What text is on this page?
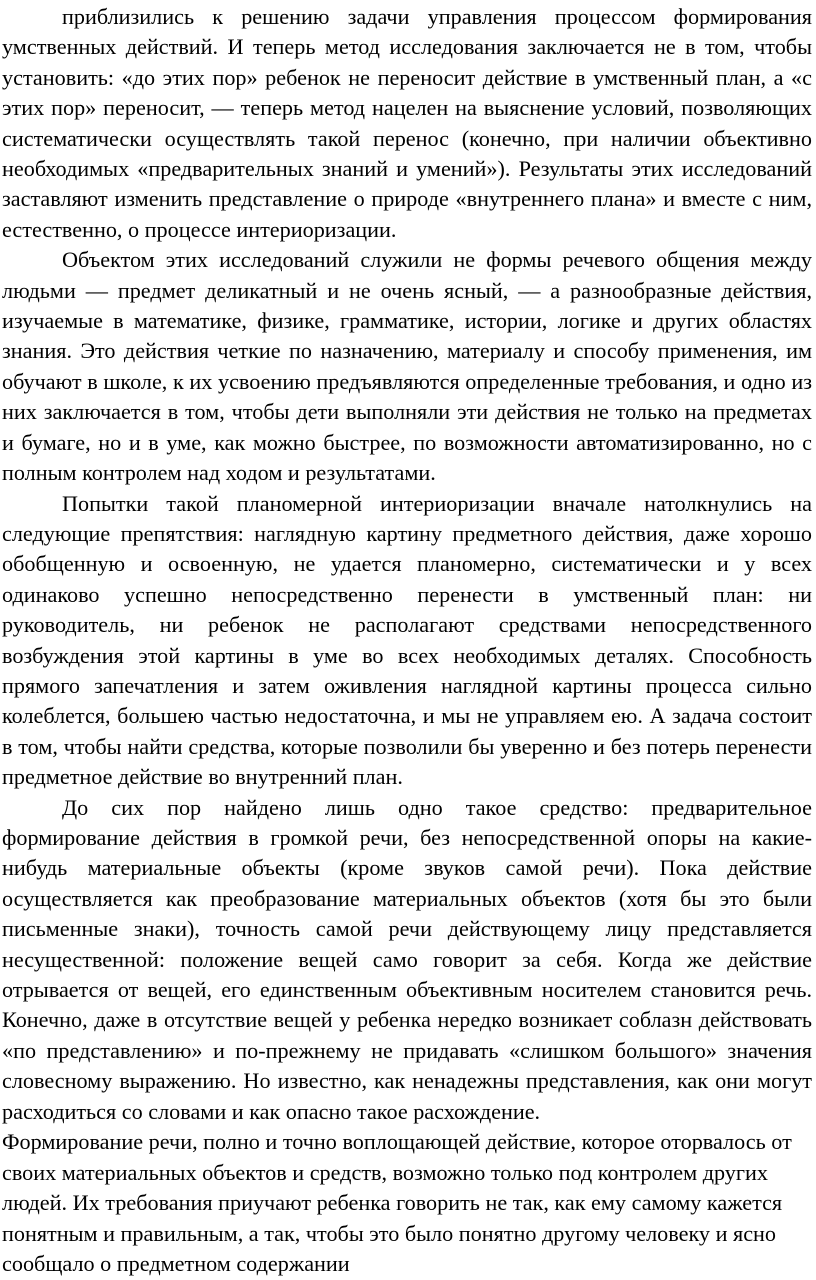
приблизились к решению задачи управления процессом формирования умственных действий. И теперь метод исследования заключается не в том, чтобы установить: «до этих пор» ребенок не переносит действие в умственный план, а «с этих пор» переносит, — теперь метод нацелен на выяснение условий, позволяющих систематически осуществлять такой перенос (конечно, при наличии объективно необходимых «предварительных знаний и умений»). Результаты этих исследований заставляют изменить представление о природе «внутреннего плана» и вместе с ним, естественно, о процессе интериоризации.

Объектом этих исследований служили не формы речевого общения между людьми — предмет деликатный и не очень ясный, — а разнообразные действия, изучаемые в математике, физике, грамматике, истории, логике и других областях знания. Это действия четкие по назначению, материалу и способу применения, им обучают в школе, к их усвоению предъявляются определенные требования, и одно из них заключается в том, чтобы дети выполняли эти действия не только на предметах и бумаге, но и в уме, как можно быстрее, по возможности автоматизированно, но с полным контролем над ходом и результатами.

Попытки такой планомерной интериоризации вначале натолкнулись на следующие препятствия: наглядную картину предметного действия, даже хорошо обобщенную и освоенную, не удается планомерно, систематически и у всех одинаково успешно непосредственно перенести в умственный план: ни руководитель, ни ребенок не располагают средствами непосредственного возбуждения этой картины в уме во всех необходимых деталях. Способность прямого запечатления и затем оживления наглядной картины процесса сильно колеблется, большею частью недостаточна, и мы не управляем ею. А задача состоит в том, чтобы найти средства, которые позволили бы уверенно и без потерь перенести предметное действие во внутренний план.

До сих пор найдено лишь одно такое средство: предварительное формирование действия в громкой речи, без непосредственной опоры на какие-нибудь материальные объекты (кроме звуков самой речи). Пока действие осуществляется как преобразование материальных объектов (хотя бы это были письменные знаки), точность самой речи действующему лицу представляется несущественной: положение вещей само говорит за себя. Когда же действие отрывается от вещей, его единственным объективным носителем становится речь. Конечно, даже в отсутствие вещей у ребенка нередко возникает соблазн действовать «по представлению» и по-прежнему не придавать «слишком большого» значения словесному выражению. Но известно, как ненадежны представления, как они могут расходиться со словами и как опасно такое расхождение.

Формирование речи, полно и точно воплощающей действие, которое оторвалось от своих материальных объектов и средств, возможно только под контролем других людей. Их требования приучают ребенка говорить не так, как ему самому кажется понятным и правильным, а так, чтобы это было понятно другому человеку и ясно сообщало о предметном содержании
